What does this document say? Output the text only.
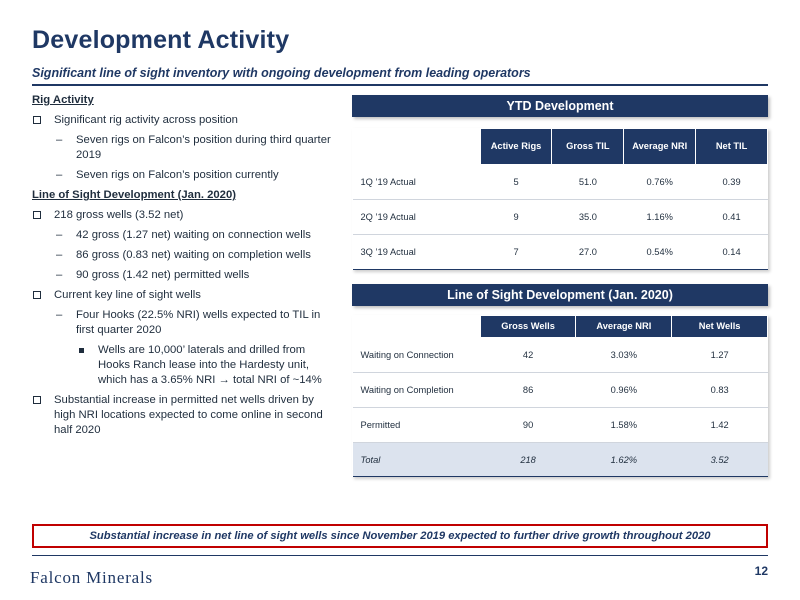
Development Activity
Significant line of sight inventory with ongoing development from leading operators
Rig Activity
Significant rig activity across position
– Seven rigs on Falcon’s position during third quarter 2019
– Seven rigs on Falcon’s position currently
Line of Sight Development (Jan. 2020)
218 gross wells (3.52 net)
– 42 gross (1.27 net) waiting on connection wells
– 86 gross (0.83 net) waiting on completion wells
– 90 gross (1.42 net) permitted wells
Current key line of sight wells
– Four Hooks (22.5% NRI) wells expected to TIL in first quarter 2020
Wells are 10,000’ laterals and drilled from Hooks Ranch lease into the Hardesty unit, which has a 3.65% NRI → total NRI of ~14%
Substantial increase in permitted net wells driven by high NRI locations expected to come online in second half 2020
YTD Development
	Active Rigs	Gross TIL	Average NRI	Net TIL
1Q ’19 Actual	5	51.0	0.76%	0.39
2Q ’19 Actual	9	35.0	1.16%	0.41
3Q ’19 Actual	7	27.0	0.54%	0.14
Line of Sight Development (Jan. 2020)
	Gross Wells	Average NRI	Net Wells
Waiting on Connection	42	3.03%	1.27
Waiting on Completion	86	0.96%	0.83
Permitted	90	1.58%	1.42
Total	218	1.62%	3.52
Substantial increase in net line of sight wells since November 2019 expected to further drive growth throughout 2020
Falcon Minerals	12
